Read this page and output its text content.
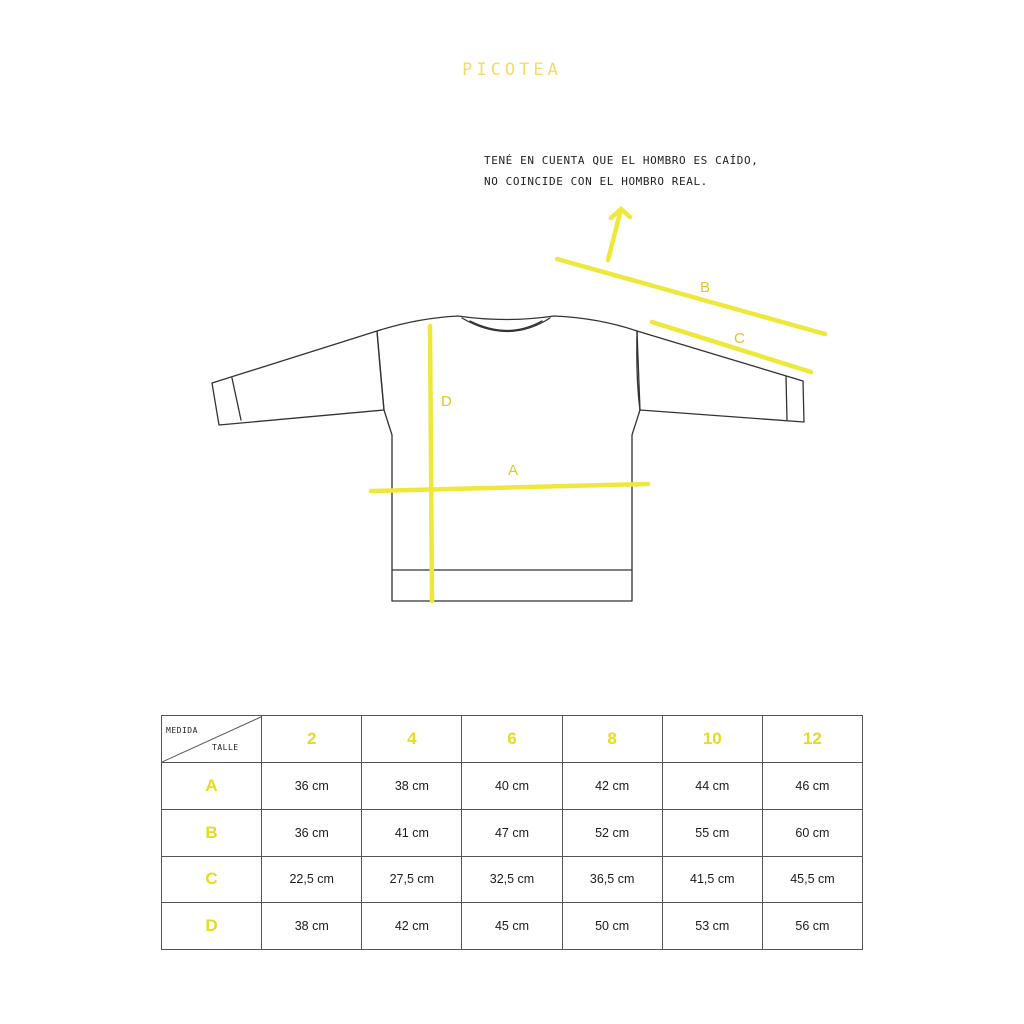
PICOTEA
TENÉ EN CUENTA QUE EL HOMBRO ES CAÍDO,
NO COINCIDE CON EL HOMBRO REAL.
B
C
D
A
MEDIDA
TALLE	2	4	6	8	10	12
A	36 cm	38 cm	40 cm	42 cm	44 cm	46 cm
B	36 cm	41 cm	47 cm	52 cm	55 cm	60 cm
C	22,5 cm	27,5 cm	32,5 cm	36,5 cm	41,5 cm	45,5 cm
D	38 cm	42 cm	45 cm	50 cm	53 cm	56 cm
